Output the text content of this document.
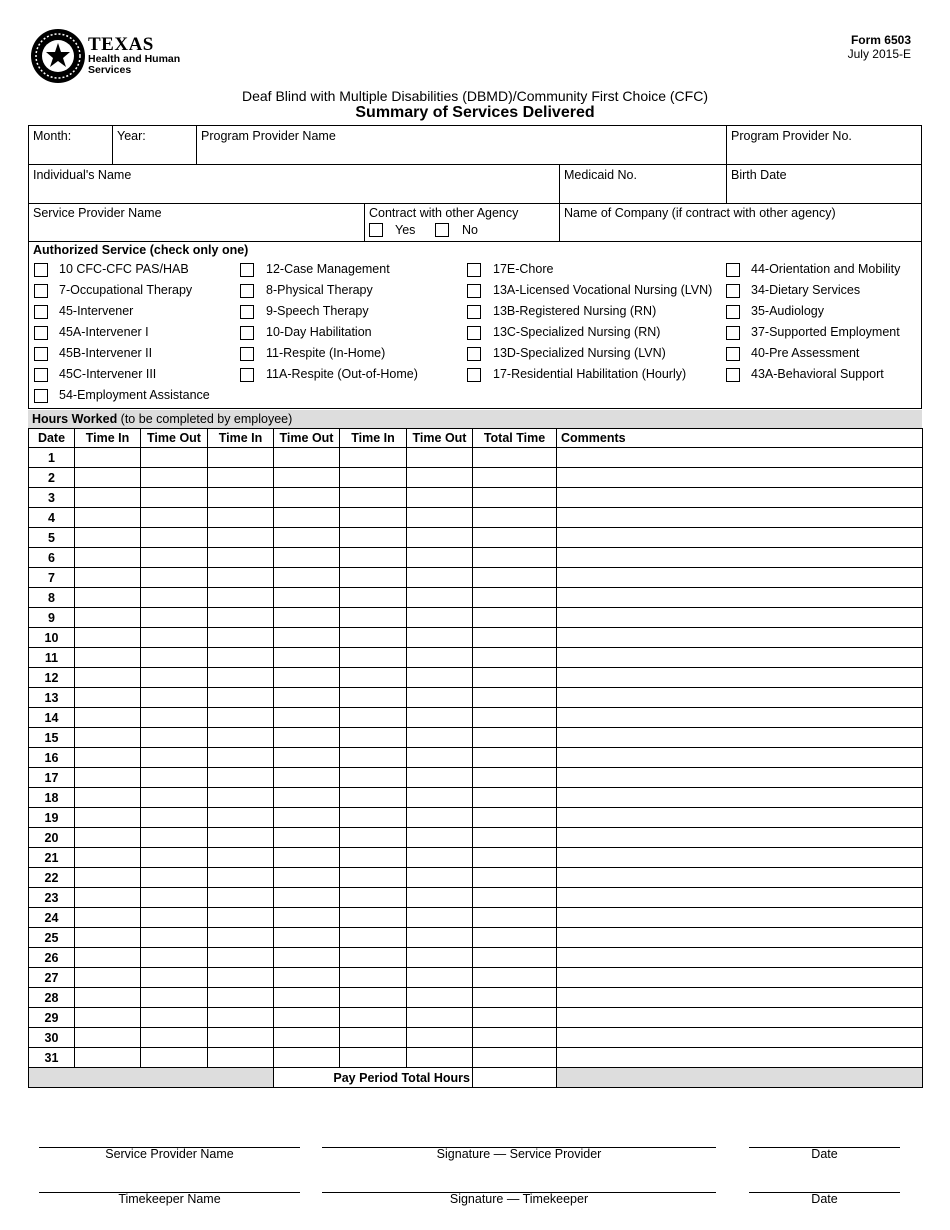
TEXAS
Health and Human
Services
Form 6503
July 2015-E
Deaf Blind with Multiple Disabilities (DBMD)/Community First Choice (CFC)
Summary of Services Delivered
Month:	Year:	Program Provider Name	Program Provider No.
Individual's Name	Medicaid No.	Birth Date
Service Provider Name	Contract with other Agency
Yes	No
Name of Company (if contract with other agency)
Authorized Service (check only one)
10 CFC-CFC PAS/HAB
7-Occupational Therapy
45-Intervener
45A-Intervener I
45B-Intervener II
45C-Intervener III
54-Employment Assistance
12-Case Management
8-Physical Therapy
9-Speech Therapy
10-Day Habilitation
11-Respite (In-Home)
11A-Respite (Out-of-Home)
17E-Chore
13A-Licensed Vocational Nursing (LVN)
13B-Registered Nursing (RN)
13C-Specialized Nursing (RN)
13D-Specialized Nursing (LVN)
17-Residential Habilitation (Hourly)
44-Orientation and Mobility
34-Dietary Services
35-Audiology
37-Supported Employment
40-Pre Assessment
43A-Behavioral Support
Hours Worked (to be completed by employee)
Date	Time In	Time Out	Time In	Time Out	Time In	Time Out	Total Time	Comments
1								
2								
3								
4								
5								
6								
7								
8								
9								
10								
11								
12								
13								
14								
15								
16								
17								
18								
19								
20								
21								
22								
23								
24								
25								
26								
27								
28								
29								
30								
31								
				Pay Period Total Hours				
Service Provider Name	Signature — Service Provider	Date
Timekeeper Name	Signature — Timekeeper	Date
